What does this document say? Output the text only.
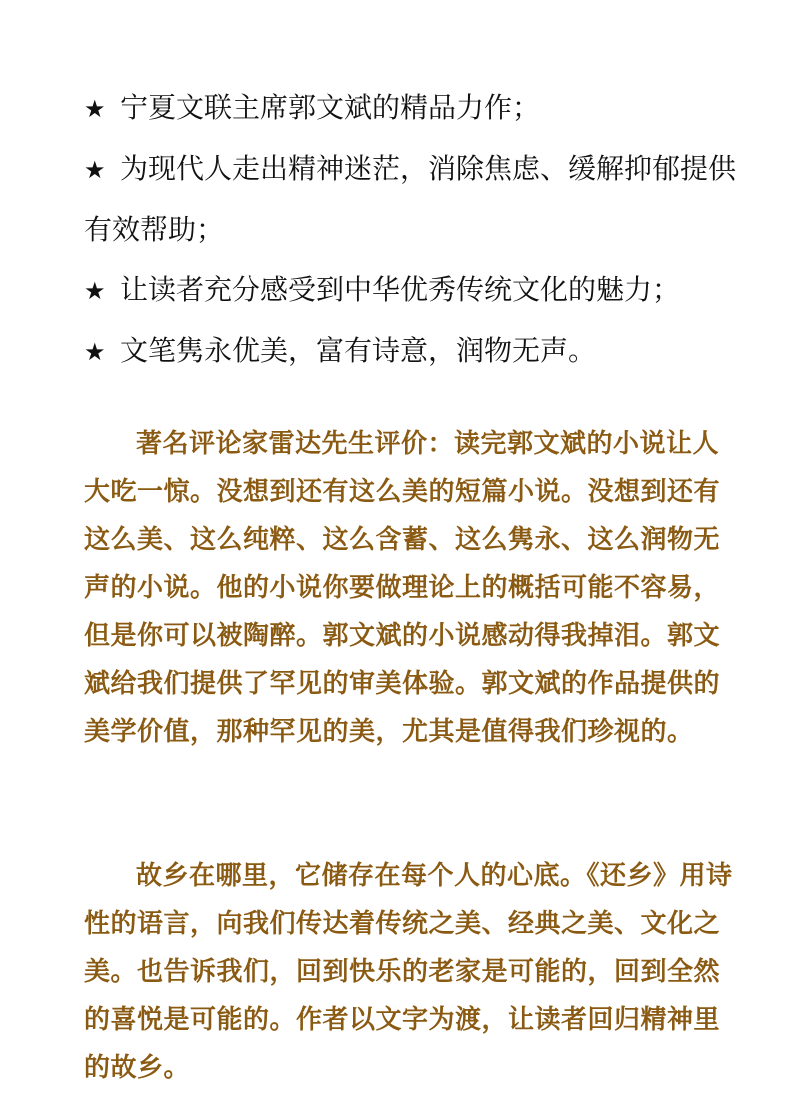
★ 宁夏文联主席郭文斌的精品力作；

★ 为现代人走出精神迷茫，消除焦虑、缓解抑郁提供有效帮助；

★ 让读者充分感受到中华优秀传统文化的魅力；

★ 文笔隽永优美，富有诗意，润物无声。

著名评论家雷达先生评价：读完郭文斌的小说让人大吃一惊。没想到还有这么美的短篇小说。没想到还有这么美、这么纯粹、这么含蓄、这么隽永、这么润物无声的小说。他的小说你要做理论上的概括可能不容易，但是你可以被陶醉。郭文斌的小说感动得我掉泪。郭文斌给我们提供了罕见的审美体验。郭文斌的作品提供的美学价值，那种罕见的美，尤其是值得我们珍视的。

故乡在哪里，它储存在每个人的心底。《还乡》用诗性的语言，向我们传达着传统之美、经典之美、文化之美。也告诉我们，回到快乐的老家是可能的，回到全然的喜悦是可能的。作者以文字为渡，让读者回归精神里的故乡。
